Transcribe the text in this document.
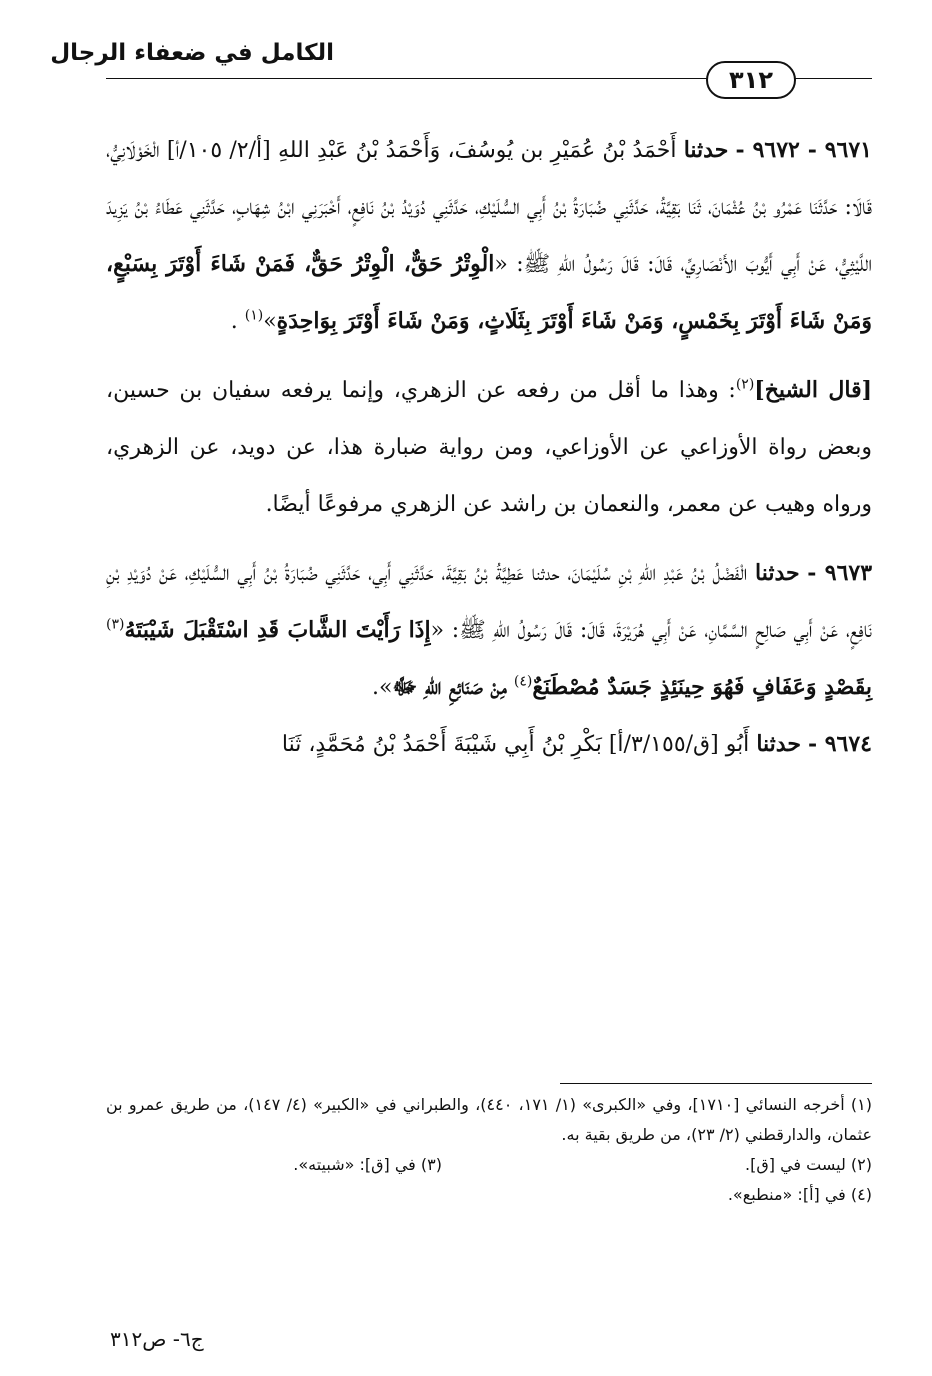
الكامل في ضعفاء الرجال
٣١٢

٩٦٧١ - ٩٦٧٢ - حدثنا أَحْمَدُ بْنُ عُمَيْرِ بن يُوسُفَ، وَأَحْمَدُ بْنُ عَبْدِ اللهِ [أ/٢/ ١٠٥/أ] الْخَوْلَانِيُّ، قَالَا: حَدَّثَنَا عَمْرُو بْنُ عُثْمَانَ، ثَنَا بَقِيَّةُ، حَدَّثَنِي ضُبَارَةُ بْنُ أَبِي السُّلَيْكِ، حَدَّثَنِي دُوَيْدُ بْنُ نَافِعٍ، أَخْبَرَنِي ابْنُ شِهَابٍ، حَدَّثَنِي عَطَاءُ بْنُ يَزِيدَ اللَّيْثِيُّ، عَنْ أَبِي أَيُّوبَ الأَنْصَارِيِّ، قَالَ: قَالَ رَسُولُ اللهِ ﷺ: «الْوِتْرُ حَقٌّ، الْوِتْرُ حَقٌّ، فَمَنْ شَاءَ أَوْتَرَ بِسَبْعٍ، وَمَنْ شَاءَ أَوْتَرَ بِخَمْسٍ، وَمَنْ شَاءَ أَوْتَرَ بِثَلَاثٍ، وَمَنْ شَاءَ أَوْتَرَ بِوَاحِدَةٍ»$^{(١)}$ .

[قال الشيخ]$^{(٢)}$: وهذا ما أقل من رفعه عن الزهري، وإنما يرفعه سفيان بن حسين، وبعض رواة الأوزاعي عن الأوزاعي، ومن رواية ضبارة هذا، عن دويد، عن الزهري، ورواه وهيب عن معمر، والنعمان بن راشد عن الزهري مرفوعًا أيضًا.

٩٦٧٣ - حدثنا الْفَضْلُ بْنُ عَبْدِ اللهِ بْنِ سُلَيْمَانَ، حدثنا عَطِيَّةُ بْنُ بَقِيَّةَ، حَدَّثَنِي أَبِي، حَدَّثَنِي ضُبَارَةُ بْنُ أَبِي السُّلَيْكِ، عَنْ دُوَيْدِ بْنِ نَافِعٍ، عَنْ أَبِي صَالِحٍ السَّمَّانِ، عَنْ أَبِي هُرَيْرَةَ، قَالَ: قَالَ رَسُولُ اللهِ ﷺ: «إِذَا رَأَيْتَ الشَّابَ قَدِ اسْتَقْبَلَ شَيْبَتَهُ$^{(٣)}$ بِقَصْدٍ وَعَفَافٍ فَهُوَ حِينَئِذٍ جَسَدٌ مُصْطَنَعٌ$^{(٤)}$ مِنْ صَنَائِعِ اللهِ ﷻ».

٩٦٧٤ - حدثنا أَبُو [ق/٣/١٥٥/أ] بَكْرِ بْنُ أَبِي شَيْبَةَ أَحْمَدُ بْنُ مُحَمَّدٍ، ثَنَا

(١) أخرجه النسائي [١٧١٠]، وفي «الكبرى» (١/ ١٧١، ٤٤٠)، والطبراني في «الكبير» (٤/ ١٤٧)، من طريق عمرو بن عثمان، والدارقطني (٢/ ٢٣)، من طريق بقية به.

(٢) ليست في [ق].

(٣) في [ق]: «شبيته».

(٤) في [أ]: «منطبع».

ج٦- ص٣١٢
